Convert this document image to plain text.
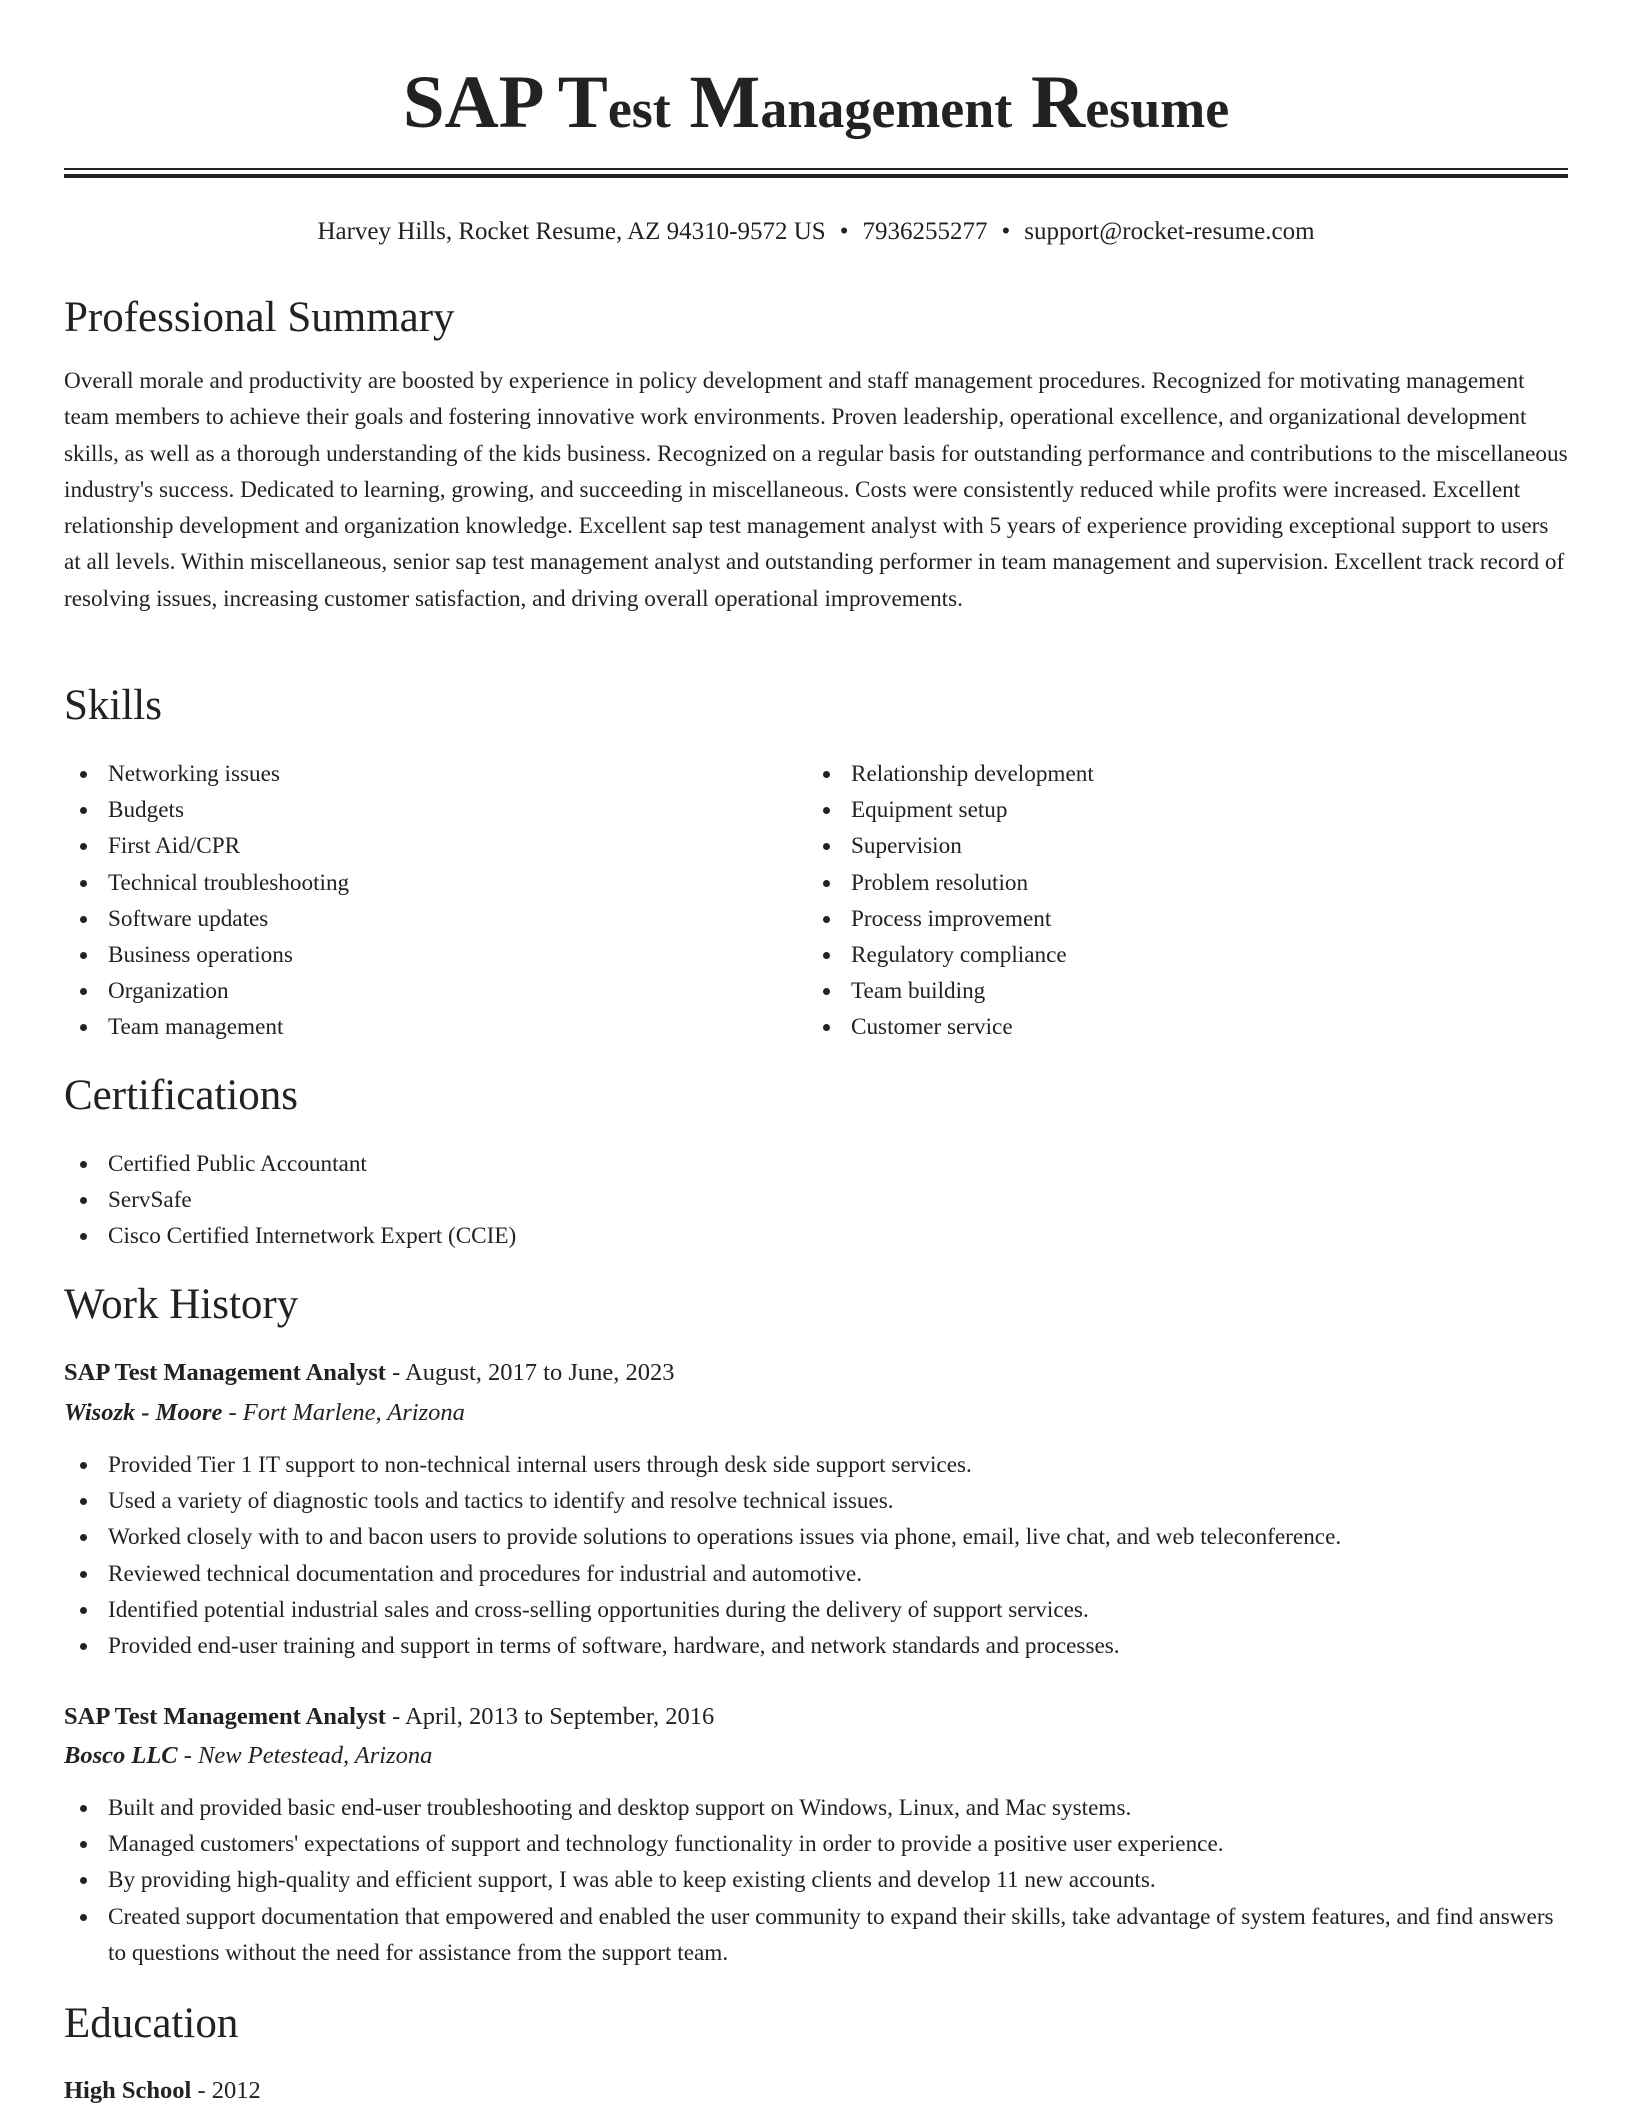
SAP Test Management Resume
Harvey Hills, Rocket Resume, AZ 94310-9572 US • 7936255277 • support@rocket-resume.com
Professional Summary

Overall morale and productivity are boosted by experience in policy development and staff management procedures. Recognized for motivating management team members to achieve their goals and fostering innovative work environments. Proven leadership, operational excellence, and organizational development skills, as well as a thorough understanding of the kids business. Recognized on a regular basis for outstanding performance and contributions to the miscellaneous industry's success. Dedicated to learning, growing, and succeeding in miscellaneous. Costs were consistently reduced while profits were increased. Excellent relationship development and organization knowledge. Excellent sap test management analyst with 5 years of experience providing exceptional support to users at all levels. Within miscellaneous, senior sap test management analyst and outstanding performer in team management and supervision. Excellent track record of resolving issues, increasing customer satisfaction, and driving overall operational improvements.

Skills
Networking issues
Budgets
First Aid/CPR
Technical troubleshooting
Software updates
Business operations
Organization
Team management
Relationship development
Equipment setup
Supervision
Problem resolution
Process improvement
Regulatory compliance
Team building
Customer service
Certifications
Certified Public Accountant
ServSafe
Cisco Certified Internetwork Expert (CCIE)
Work History
SAP Test Management Analyst - August, 2017 to June, 2023
Wisozk - Moore - Fort Marlene, Arizona
Provided Tier 1 IT support to non-technical internal users through desk side support services.
Used a variety of diagnostic tools and tactics to identify and resolve technical issues.
Worked closely with to and bacon users to provide solutions to operations issues via phone, email, live chat, and web teleconference.
Reviewed technical documentation and procedures for industrial and automotive.
Identified potential industrial sales and cross-selling opportunities during the delivery of support services.
Provided end-user training and support in terms of software, hardware, and network standards and processes.
SAP Test Management Analyst - April, 2013 to September, 2016
Bosco LLC - New Petestead, Arizona
Built and provided basic end-user troubleshooting and desktop support on Windows, Linux, and Mac systems.
Managed customers' expectations of support and technology functionality in order to provide a positive user experience.
By providing high-quality and efficient support, I was able to keep existing clients and develop 11 new accounts.
Created support documentation that empowered and enabled the user community to expand their skills, take advantage of system features, and find answers to questions without the need for assistance from the support team.
Education
High School - 2012
